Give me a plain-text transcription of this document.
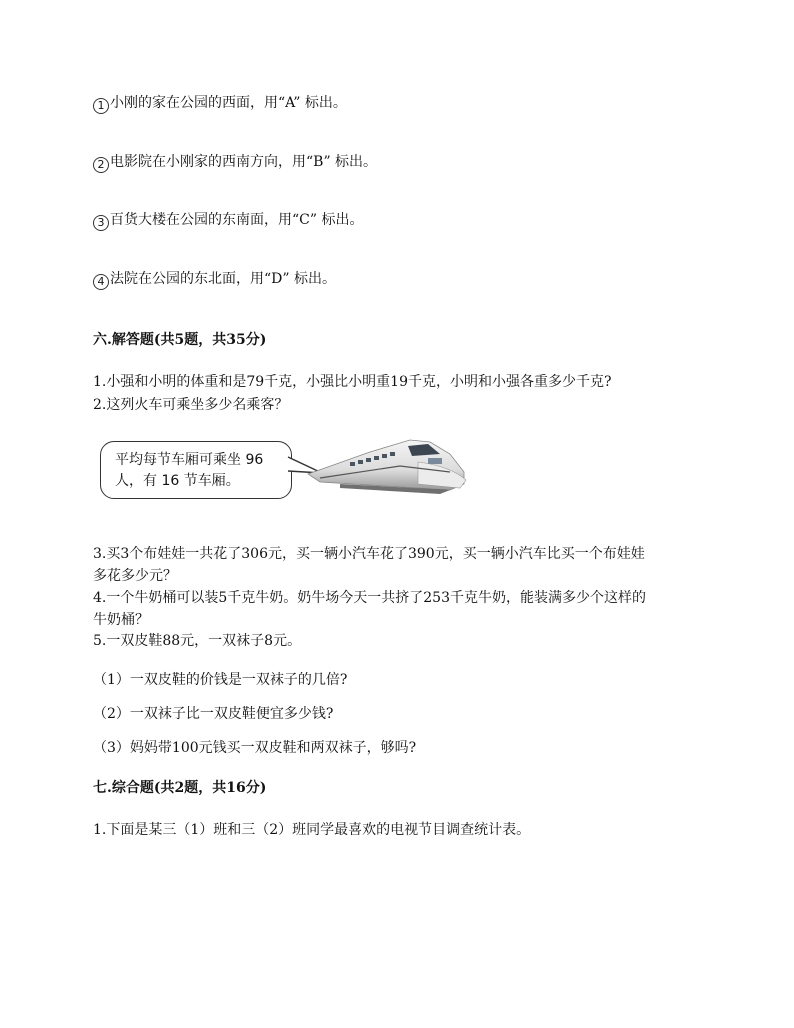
1 小刚的家在公园的西面，用“A” 标出。
2 电影院在小刚家的西南方向，用“B” 标出。
3 百货大楼在公园的东南面，用“C” 标出。
4 法院在公园的东北面，用“D” 标出。
六.解答题(共5题，共35分)
1.小强和小明的体重和是79千克，小强比小明重19千克，小明和小强各重多少千克?
2.这列火车可乘坐多少名乘客？
平均每节车厢可乘坐 96
人，有 16 节车厢。
3.买3个布娃娃一共花了306元，买一辆小汽车花了390元，买一辆小汽车比买一个布娃娃
多花多少元？
4.一个牛奶桶可以装5千克牛奶。奶牛场今天一共挤了253千克牛奶，能装满多少个这样的
牛奶桶？
5.一双皮鞋88元，一双袜子8元。
（1）一双皮鞋的价钱是一双袜子的几倍?
（2）一双袜子比一双皮鞋便宜多少钱?
（3）妈妈带100元钱买一双皮鞋和两双袜子，够吗?
七.综合题(共2题，共16分)
1.下面是某三（1）班和三（2）班同学最喜欢的电视节目调查统计表。
